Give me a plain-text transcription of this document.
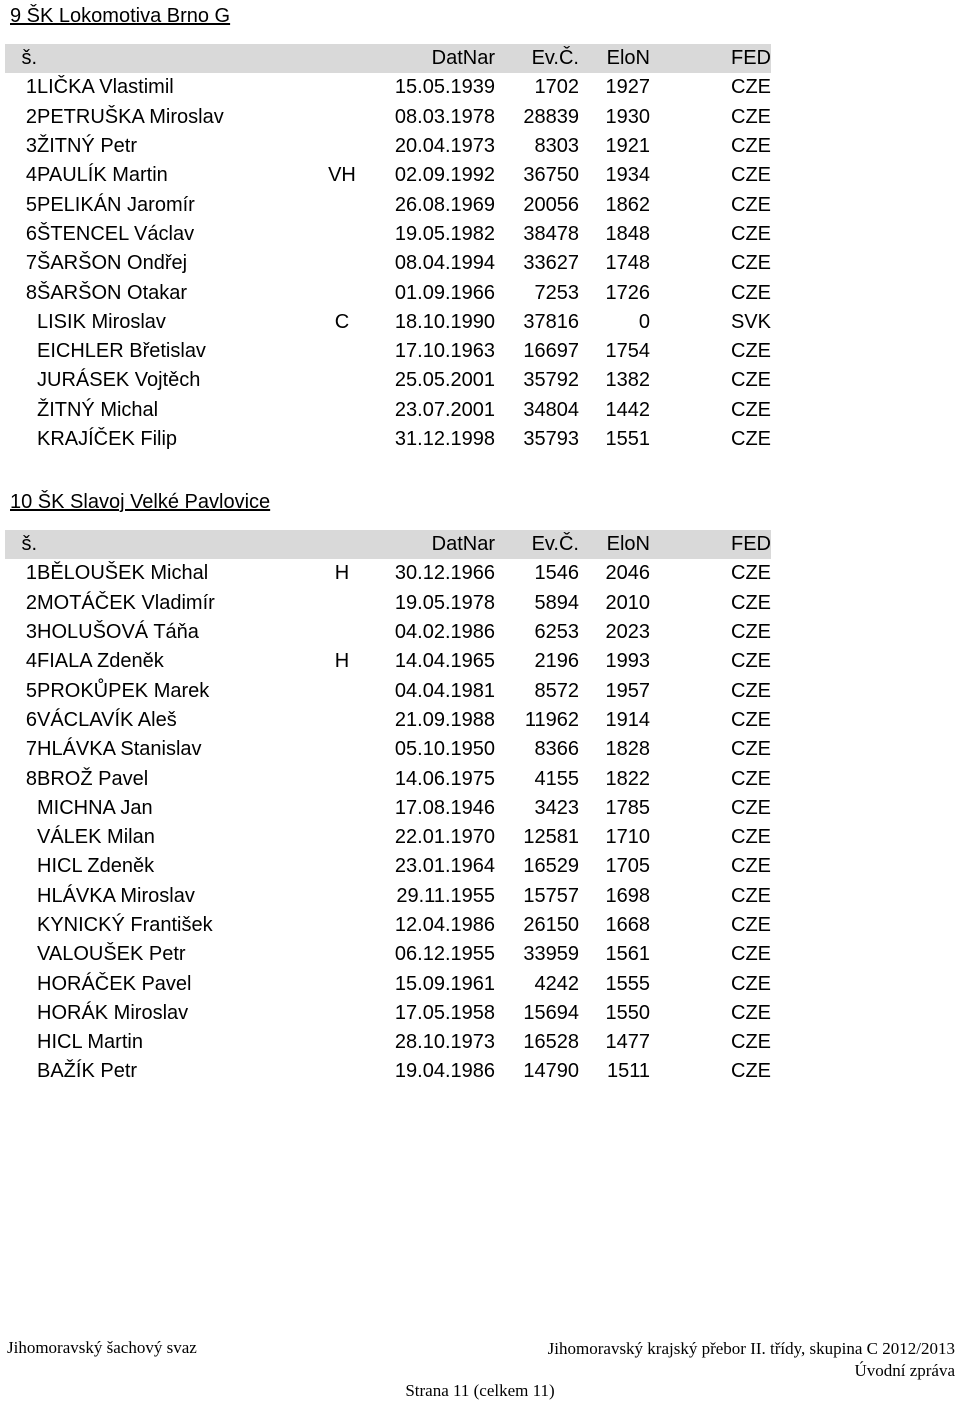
9 ŠK Lokomotiva Brno G
š.			DatNar	Ev.Č.	EloN	FED
1	LIČKA Vlastimil		15.05.1939	1702	1927	CZE
2	PETRUŠKA Miroslav		08.03.1978	28839	1930	CZE
3	ŽITNÝ Petr		20.04.1973	8303	1921	CZE
4	PAULÍK Martin	VH	02.09.1992	36750	1934	CZE
5	PELIKÁN Jaromír		26.08.1969	20056	1862	CZE
6	ŠTENCEL Václav		19.05.1982	38478	1848	CZE
7	ŠARŠON Ondřej		08.04.1994	33627	1748	CZE
8	ŠARŠON Otakar		01.09.1966	7253	1726	CZE
	LISIK Miroslav	C	18.10.1990	37816	0	SVK
	EICHLER Břetislav		17.10.1963	16697	1754	CZE
	JURÁSEK Vojtěch		25.05.2001	35792	1382	CZE
	ŽITNÝ Michal		23.07.2001	34804	1442	CZE
	KRAJÍČEK Filip		31.12.1998	35793	1551	CZE
10 ŠK Slavoj Velké Pavlovice
š.			DatNar	Ev.Č.	EloN	FED
1	BĚLOUŠEK Michal	H	30.12.1966	1546	2046	CZE
2	MOTÁČEK Vladimír		19.05.1978	5894	2010	CZE
3	HOLUŠOVÁ Táňa		04.02.1986	6253	2023	CZE
4	FIALA Zdeněk	H	14.04.1965	2196	1993	CZE
5	PROKŮPEK Marek		04.04.1981	8572	1957	CZE
6	VÁCLAVÍK Aleš		21.09.1988	11962	1914	CZE
7	HLÁVKA Stanislav		05.10.1950	8366	1828	CZE
8	BROŽ Pavel		14.06.1975	4155	1822	CZE
	MICHNA Jan		17.08.1946	3423	1785	CZE
	VÁLEK Milan		22.01.1970	12581	1710	CZE
	HICL Zdeněk		23.01.1964	16529	1705	CZE
	HLÁVKA Miroslav		29.11.1955	15757	1698	CZE
	KYNICKÝ František		12.04.1986	26150	1668	CZE
	VALOUŠEK Petr		06.12.1955	33959	1561	CZE
	HORÁČEK Pavel		15.09.1961	4242	1555	CZE
	HORÁK Miroslav		17.05.1958	15694	1550	CZE
	HICL Martin		28.10.1973	16528	1477	CZE
	BAŽÍK Petr		19.04.1986	14790	1511	CZE
Jihomoravský šachový svaz	Jihomoravský krajský přebor II. třídy, skupina C 2012/2013
Úvodní zpráva
Strana 11 (celkem 11)
